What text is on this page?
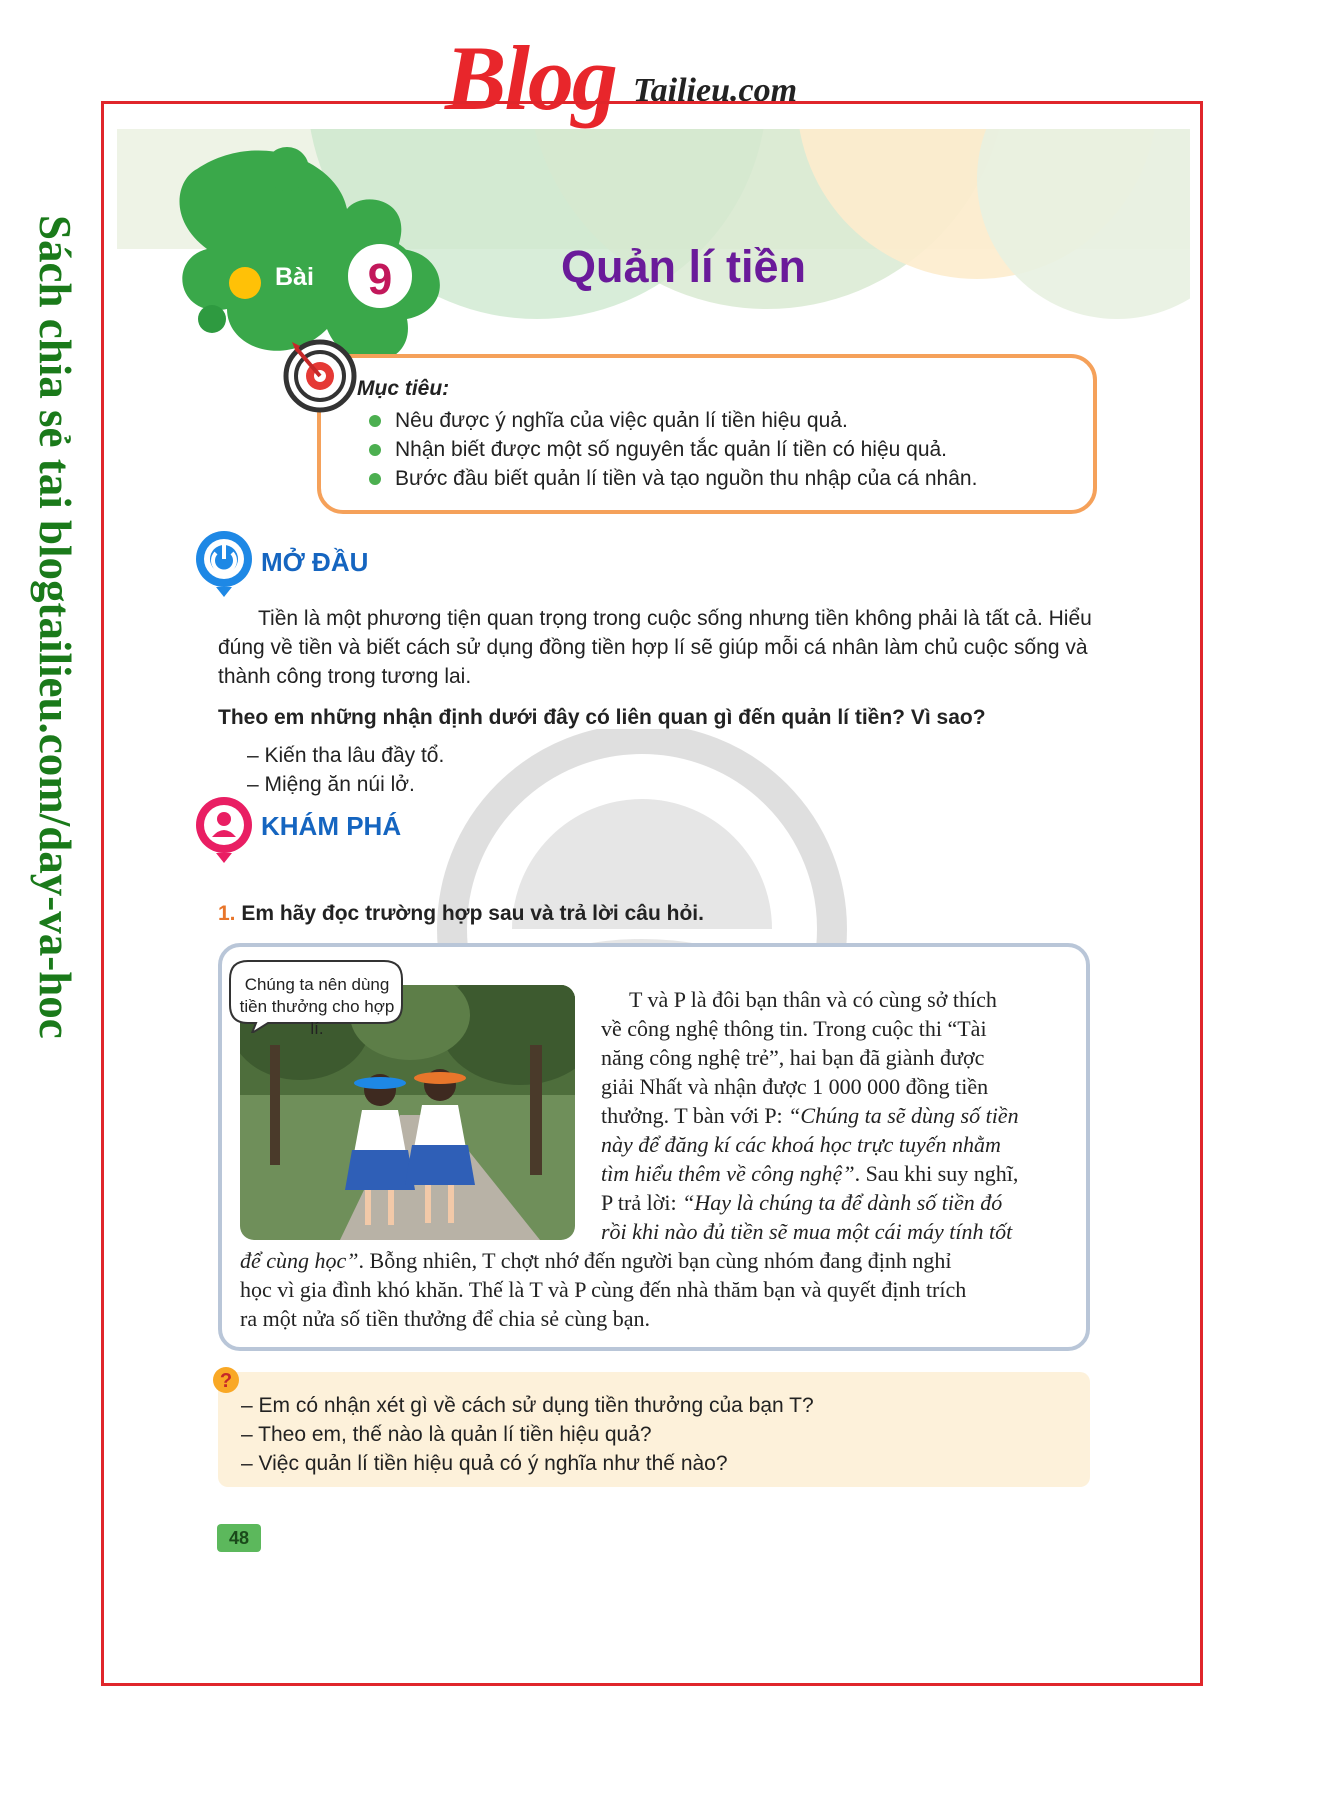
Blog Tailieu.com
Sách chia sẻ tai blogtailieu.com/day-va-hoc	Bài	9	Quản lí tiền
Mục tiêu:
Nêu được ý nghĩa của việc quản lí tiền hiệu quả.
Nhận biết được một số nguyên tắc quản lí tiền có hiệu quả.
Bước đầu biết quản lí tiền và tạo nguồn thu nhập của cá nhân.
MỞ ĐẦU

Tiền là một phương tiện quan trọng trong cuộc sống nhưng tiền không phải là tất cả. Hiểu đúng về tiền và biết cách sử dụng đồng tiền hợp lí sẽ giúp mỗi cá nhân làm chủ cuộc sống và thành công trong tương lai.

Theo em những nhận định dưới đây có liên quan gì đến quản lí tiền? Vì sao?
– Kiến tha lâu đầy tổ.
– Miệng ăn núi lở.
KHÁM PHÁ
1. Em hãy đọc trường hợp sau và trả lời câu hỏi.
Chúng ta nên dùng tiền thưởng cho hợp lí.
T và P là đôi bạn thân và có cùng sở thích
về công nghệ thông tin. Trong cuộc thi “Tài
năng công nghệ trẻ”, hai bạn đã giành được
giải Nhất và nhận được 1 000 000 đồng tiền
thưởng. T bàn với P: “Chúng ta sẽ dùng số tiền
này để đăng kí các khoá học trực tuyến nhằm
tìm hiểu thêm về công nghệ”. Sau khi suy nghĩ,
P trả lời: “Hay là chúng ta để dành số tiền đó
rồi khi nào đủ tiền sẽ mua một cái máy tính tốt
để cùng học”. Bỗng nhiên, T chợt nhớ đến người bạn cùng nhóm đang định nghỉ
học vì gia đình khó khăn. Thế là T và P cùng đến nhà thăm bạn và quyết định trích
ra một nửa số tiền thưởng để chia sẻ cùng bạn.
?
– Em có nhận xét gì về cách sử dụng tiền thưởng của bạn T?
– Theo em, thế nào là quản lí tiền hiệu quả?
– Việc quản lí tiền hiệu quả có ý nghĩa như thế nào?
48
